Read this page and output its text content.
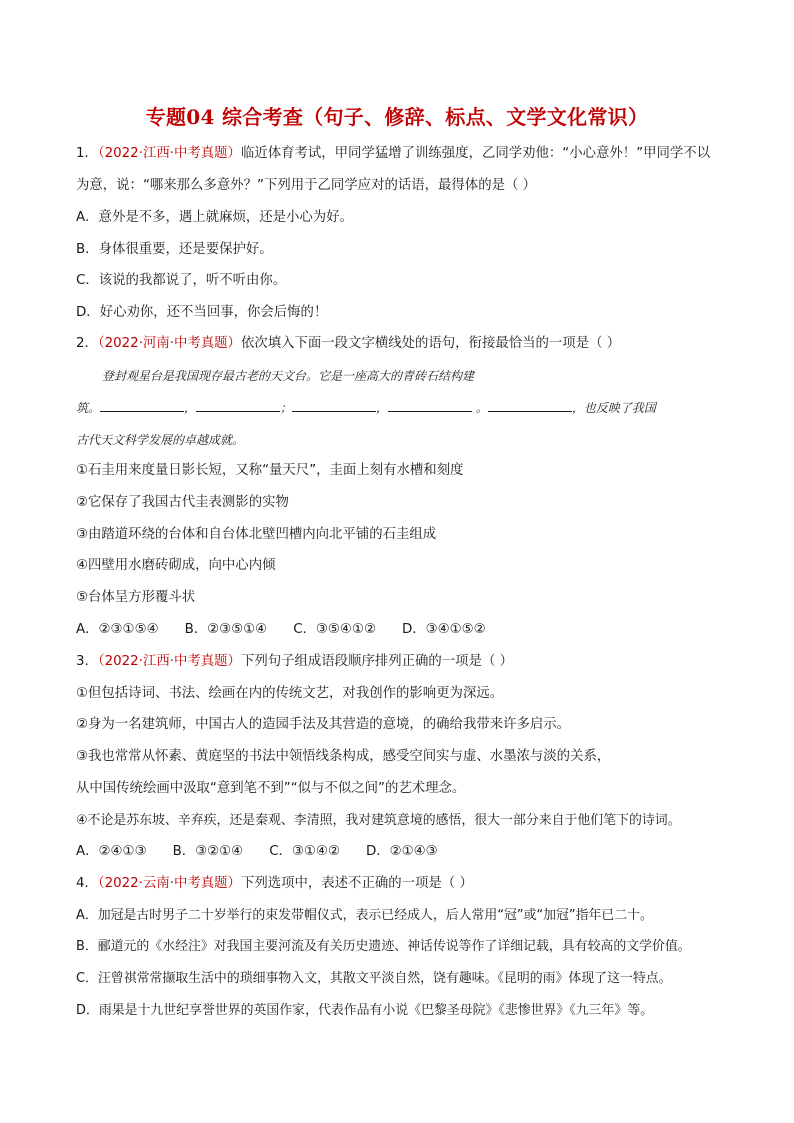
专题04 综合考查（句子、修辞、标点、文学文化常识）
1．（2022·江西·中考真题）临近体育考试，甲同学猛增了训练强度，乙同学劝他：“小心意外！”甲同学不以
为意，说：“哪来那么多意外？”下列用于乙同学应对的话语，最得体的是（ ）
A．意外是不多，遇上就麻烦，还是小心为好。
B．身体很重要，还是要保护好。
C．该说的我都说了，听不听由你。
D．好心劝你，还不当回事，你会后悔的！
2．（2022·河南·中考真题）依次填入下面一段文字横线处的语句，衔接最恰当的一项是（ ）
登封观星台是我国现存最古老的天文台。它是一座高大的青砖石结构建
筑。	，	；	，	。	，也反映了我国
古代天文科学发展的卓越成就。
①石圭用来度量日影长短，又称“量天尺”，圭面上刻有水槽和刻度
②它保存了我国古代圭表测影的实物
③由踏道环绕的台体和自台体北壁凹槽内向北平铺的石圭组成
④四壁用水磨砖砌成，向中心内倾
⑤台体呈方形覆斗状
A．②③①⑤④ B．②③⑤①④ C．③⑤④①② D．③④①⑤②
3．（2022·江西·中考真题）下列句子组成语段顺序排列正确的一项是（ ）
①但包括诗词、书法、绘画在内的传统文艺，对我创作的影响更为深远。
②身为一名建筑师，中国古人的造园手法及其营造的意境，的确给我带来许多启示。
③我也常常从怀素、黄庭坚的书法中领悟线条构成，感受空间实与虚、水墨浓与淡的关系，
从中国传统绘画中汲取“意到笔不到”“似与不似之间”的艺术理念。
④不论是苏东坡、辛弃疾，还是秦观、李清照，我对建筑意境的感悟，很大一部分来自于他们笔下的诗词。
A．②④①③ B．③②①④ C．③①④② D．②①④③
4．（2022·云南·中考真题）下列选项中，表述不正确的一项是（ ）
A．加冠是古时男子二十岁举行的束发带帽仪式，表示已经成人，后人常用“冠”或“加冠”指年已二十。
B．郦道元的《水经注》对我国主要河流及有关历史遗迹、神话传说等作了详细记载，具有较高的文学价值。
C．汪曾祺常常撷取生活中的琐细事物入文，其散文平淡自然，饶有趣味。《昆明的雨》体现了这一特点。
D．雨果是十九世纪享誉世界的英国作家，代表作品有小说《巴黎圣母院》《悲惨世界》《九三年》等。
